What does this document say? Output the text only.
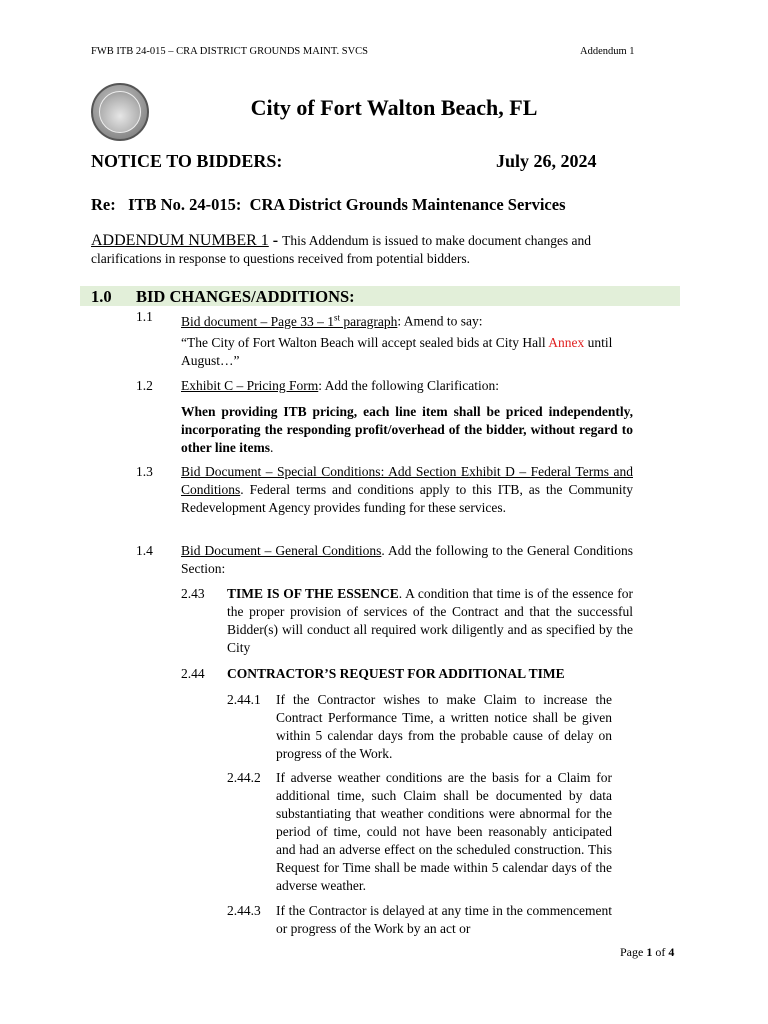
FWB ITB 24-015 – CRA DISTRICT GROUNDS MAINT. SVCS	Addendum 1
City of Fort Walton Beach, FL
NOTICE TO BIDDERS:	July 26, 2024
Re:   ITB No. 24-015:  CRA District Grounds Maintenance Services
ADDENDUM NUMBER 1 - This Addendum is issued to make document changes and clarifications in response to questions received from potential bidders.
1.0 BID CHANGES/ADDITIONS:
1.1 Bid document – Page 33 – 1st paragraph: Amend to say:
“The City of Fort Walton Beach will accept sealed bids at City Hall Annex until August…”
1.2 Exhibit C – Pricing Form: Add the following Clarification:
When providing ITB pricing, each line item shall be priced independently, incorporating the responding profit/overhead of the bidder, without regard to other line items.
1.3 Bid Document – Special Conditions: Add Section Exhibit D – Federal Terms and Conditions. Federal terms and conditions apply to this ITB, as the Community Redevelopment Agency provides funding for these services.
1.4 Bid Document – General Conditions. Add the following to the General Conditions Section:
2.43 TIME IS OF THE ESSENCE. A condition that time is of the essence for the proper provision of services of the Contract and that the successful Bidder(s) will conduct all required work diligently and as specified by the City
2.44 CONTRACTOR’S REQUEST FOR ADDITIONAL TIME
2.44.1 If the Contractor wishes to make Claim to increase the Contract Performance Time, a written notice shall be given within 5 calendar days from the probable cause of delay on progress of the Work.
2.44.2 If adverse weather conditions are the basis for a Claim for additional time, such Claim shall be documented by data substantiating that weather conditions were abnormal for the period of time, could not have been reasonably anticipated and had an adverse effect on the scheduled construction. This Request for Time shall be made within 5 calendar days of the adverse weather.
2.44.3 If the Contractor is delayed at any time in the commencement or progress of the Work by an act or
Page 1 of 4
